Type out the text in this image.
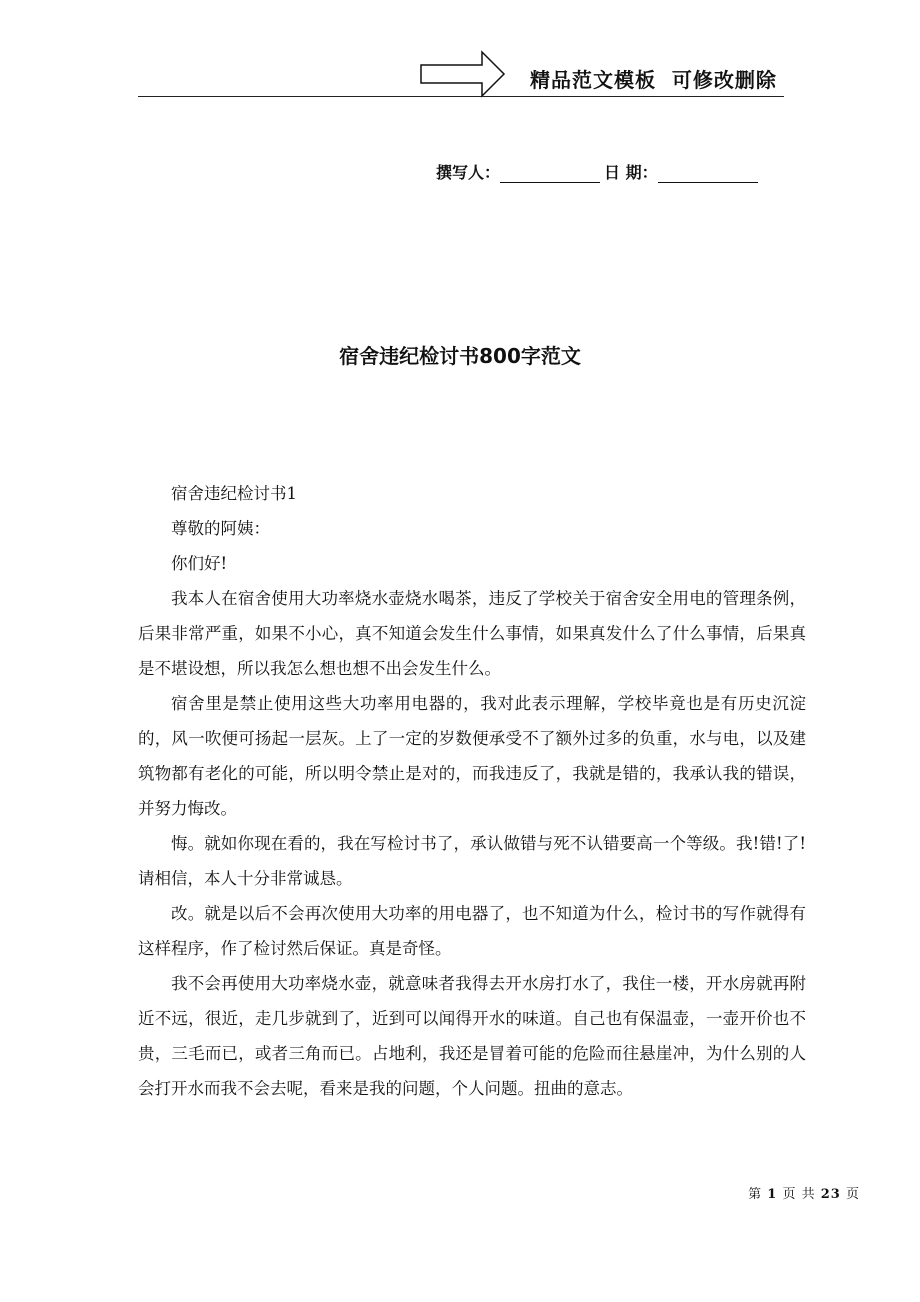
精品范文模板  可修改删除
撰写人：	日 期：
宿舍违纪检讨书800字范文

宿舍违纪检讨书1

尊敬的阿姨：

你们好!

我本人在宿舍使用大功率烧水壶烧水喝茶，违反了学校关于宿舍安全用电的管理条例，后果非常严重，如果不小心，真不知道会发生什么事情，如果真发什么了什么事情，后果真是不堪设想，所以我怎么想也想不出会发生什么。

宿舍里是禁止使用这些大功率用电器的，我对此表示理解，学校毕竟也是有历史沉淀的，风一吹便可扬起一层灰。上了一定的岁数便承受不了额外过多的负重，水与电，以及建筑物都有老化的可能，所以明令禁止是对的，而我违反了，我就是错的，我承认我的错误，并努力悔改。

悔。就如你现在看的，我在写检讨书了，承认做错与死不认错要高一个等级。我!错!了!请相信，本人十分非常诚恳。

改。就是以后不会再次使用大功率的用电器了，也不知道为什么，检讨书的写作就得有这样程序，作了检讨然后保证。真是奇怪。

我不会再使用大功率烧水壶，就意味者我得去开水房打水了，我住一楼，开水房就再附近不远，很近，走几步就到了，近到可以闻得开水的味道。自己也有保温壶，一壶开价也不贵，三毛而已，或者三角而已。占地利，我还是冒着可能的危险而往悬崖冲，为什么别的人会打开水而我不会去呢，看来是我的问题，个人问题。扭曲的意志。

第 1 页 共 23 页
